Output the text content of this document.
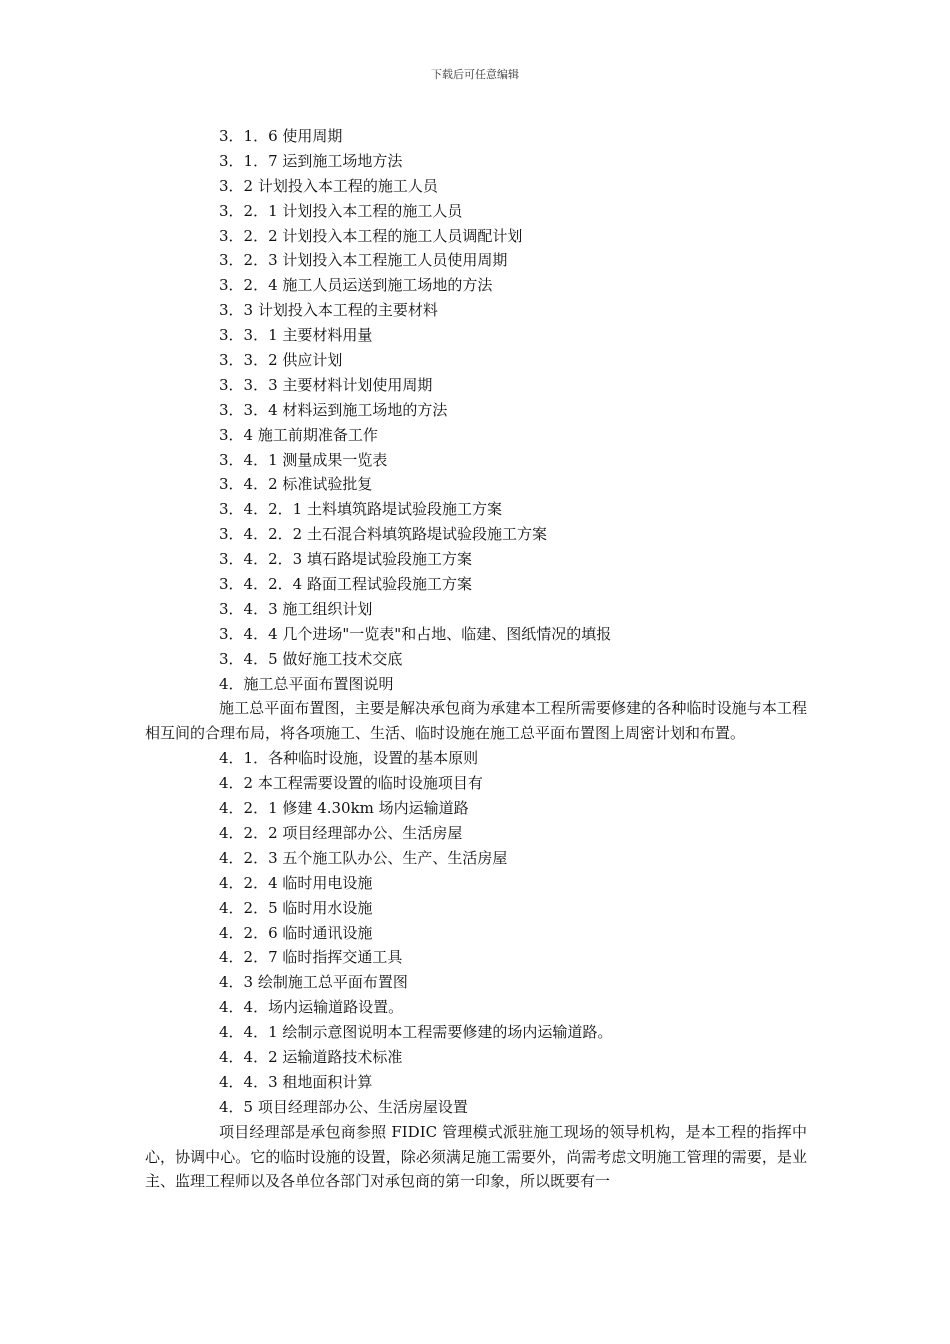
下载后可任意编辑
3．1．6 使用周期
3．1．7 运到施工场地方法
3．2 计划投入本工程的施工人员
3．2．1 计划投入本工程的施工人员
3．2．2 计划投入本工程的施工人员调配计划
3．2．3 计划投入本工程施工人员使用周期
3．2．4 施工人员运送到施工场地的方法
3．3 计划投入本工程的主要材料
3．3．1 主要材料用量
3．3．2 供应计划
3．3．3 主要材料计划使用周期
3．3．4 材料运到施工场地的方法
3．4 施工前期准备工作
3．4．1 测量成果一览表
3．4．2 标准试验批复
3．4．2．1 土料填筑路堤试验段施工方案
3．4．2．2 土石混合料填筑路堤试验段施工方案
3．4．2．3 填石路堤试验段施工方案
3．4．2．4 路面工程试验段施工方案
3．4．3 施工组织计划
3．4．4 几个进场"一览表"和占地、临建、图纸情况的填报
3．4．5 做好施工技术交底
4．施工总平面布置图说明

施工总平面布置图，主要是解决承包商为承建本工程所需要修建的各种临时设施与本工程相互间的合理布局，将各项施工、生活、临时设施在施工总平面布置图上周密计划和布置。

4．1．各种临时设施，设置的基本原则
4．2 本工程需要设置的临时设施项目有
4．2．1 修建 4.30km 场内运输道路
4．2．2 项目经理部办公、生活房屋
4．2．3 五个施工队办公、生产、生活房屋
4．2．4 临时用电设施
4．2．5 临时用水设施
4．2．6 临时通讯设施
4．2．7 临时指挥交通工具
4．3 绘制施工总平面布置图
4．4．场内运输道路设置。
4．4．1 绘制示意图说明本工程需要修建的场内运输道路。
4．4．2 运输道路技术标准
4．4．3 租地面积计算
4．5 项目经理部办公、生活房屋设置

项目经理部是承包商参照 FIDIC 管理模式派驻施工现场的领导机构，是本工程的指挥中心，协调中心。它的临时设施的设置，除必须满足施工需要外，尚需考虑文明施工管理的需要，是业主、监理工程师以及各单位各部门对承包商的第一印象，所以既要有一
